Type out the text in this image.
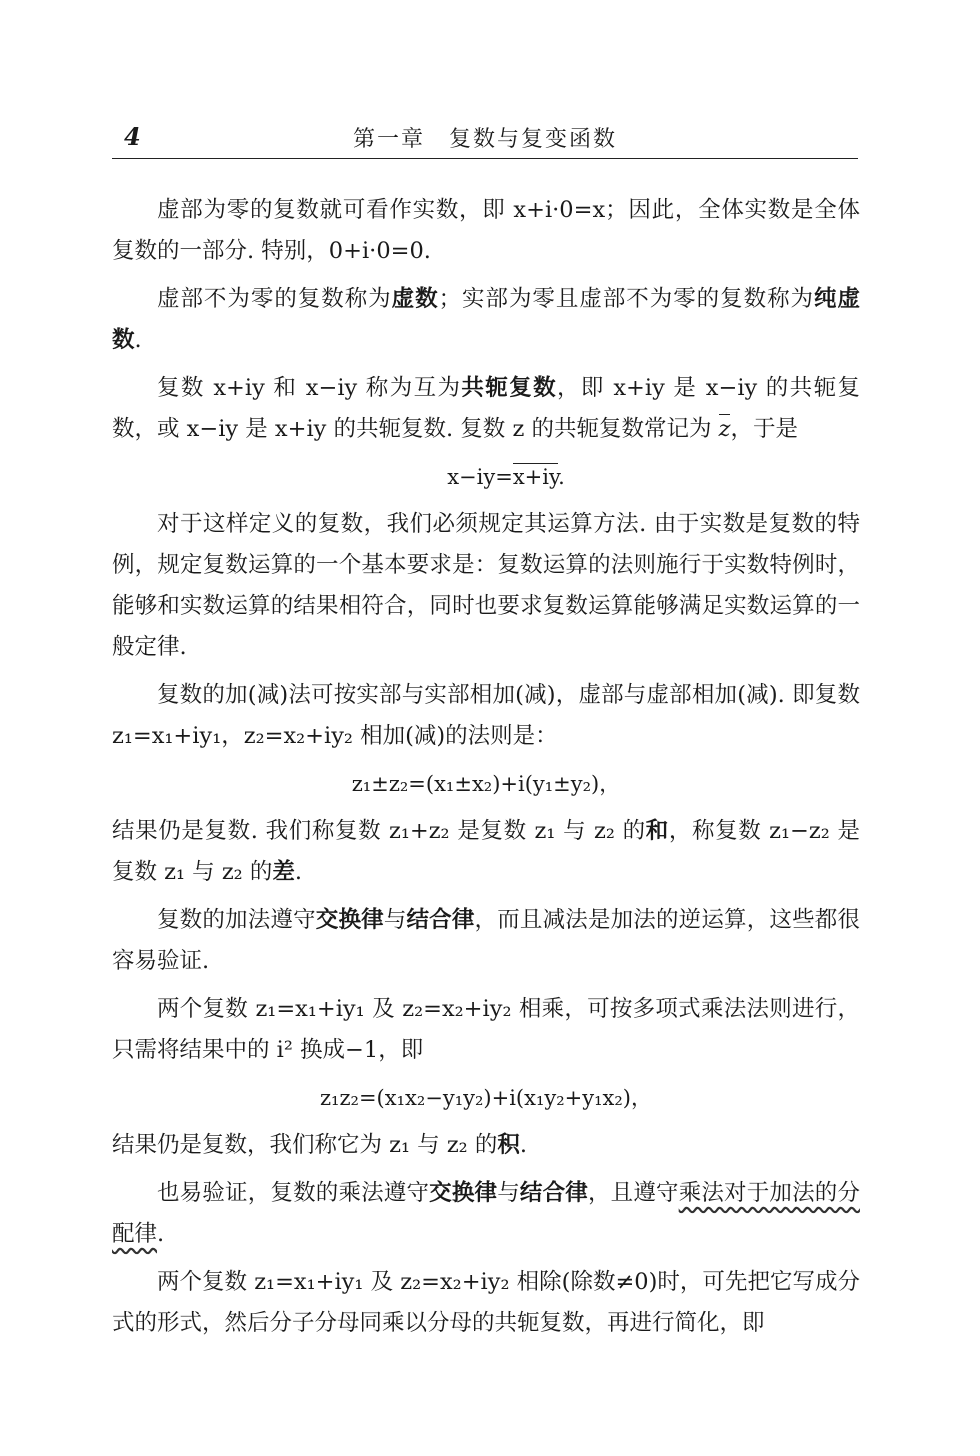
4	第一章　复数与复变函数

虚部为零的复数就可看作实数，即 x+i·0=x；因此，全体实数是全体复数的一部分. 特别，0+i·0=0.

虚部不为零的复数称为虚数；实部为零且虚部不为零的复数称为纯虚数.

复数 x+iy 和 x−iy 称为互为共轭复数，即 x+iy 是 x−iy 的共轭复数，或 x−iy 是 x+iy 的共轭复数. 复数 z 的共轭复数常记为 z，于是

x−iy=x+iy.

对于这样定义的复数，我们必须规定其运算方法. 由于实数是复数的特例，规定复数运算的一个基本要求是：复数运算的法则施行于实数特例时，能够和实数运算的结果相符合，同时也要求复数运算能够满足实数运算的一般定律.

复数的加(减)法可按实部与实部相加(减)，虚部与虚部相加(减). 即复数 z₁=x₁+iy₁，z₂=x₂+iy₂ 相加(减)的法则是：

z₁±z₂=(x₁±x₂)+i(y₁±y₂)，

结果仍是复数. 我们称复数 z₁+z₂ 是复数 z₁ 与 z₂ 的和，称复数 z₁−z₂ 是复数 z₁ 与 z₂ 的差.

复数的加法遵守交换律与结合律，而且减法是加法的逆运算，这些都很容易验证.

两个复数 z₁=x₁+iy₁ 及 z₂=x₂+iy₂ 相乘，可按多项式乘法法则进行，只需将结果中的 i² 换成−1，即

z₁z₂=(x₁x₂−y₁y₂)+i(x₁y₂+y₁x₂)，

结果仍是复数，我们称它为 z₁ 与 z₂ 的积.

也易验证，复数的乘法遵守交换律与结合律，且遵守乘法对于加法的分配律.

两个复数 z₁=x₁+iy₁ 及 z₂=x₂+iy₂ 相除(除数≠0)时，可先把它写成分式的形式，然后分子分母同乘以分母的共轭复数，再进行简化，即
